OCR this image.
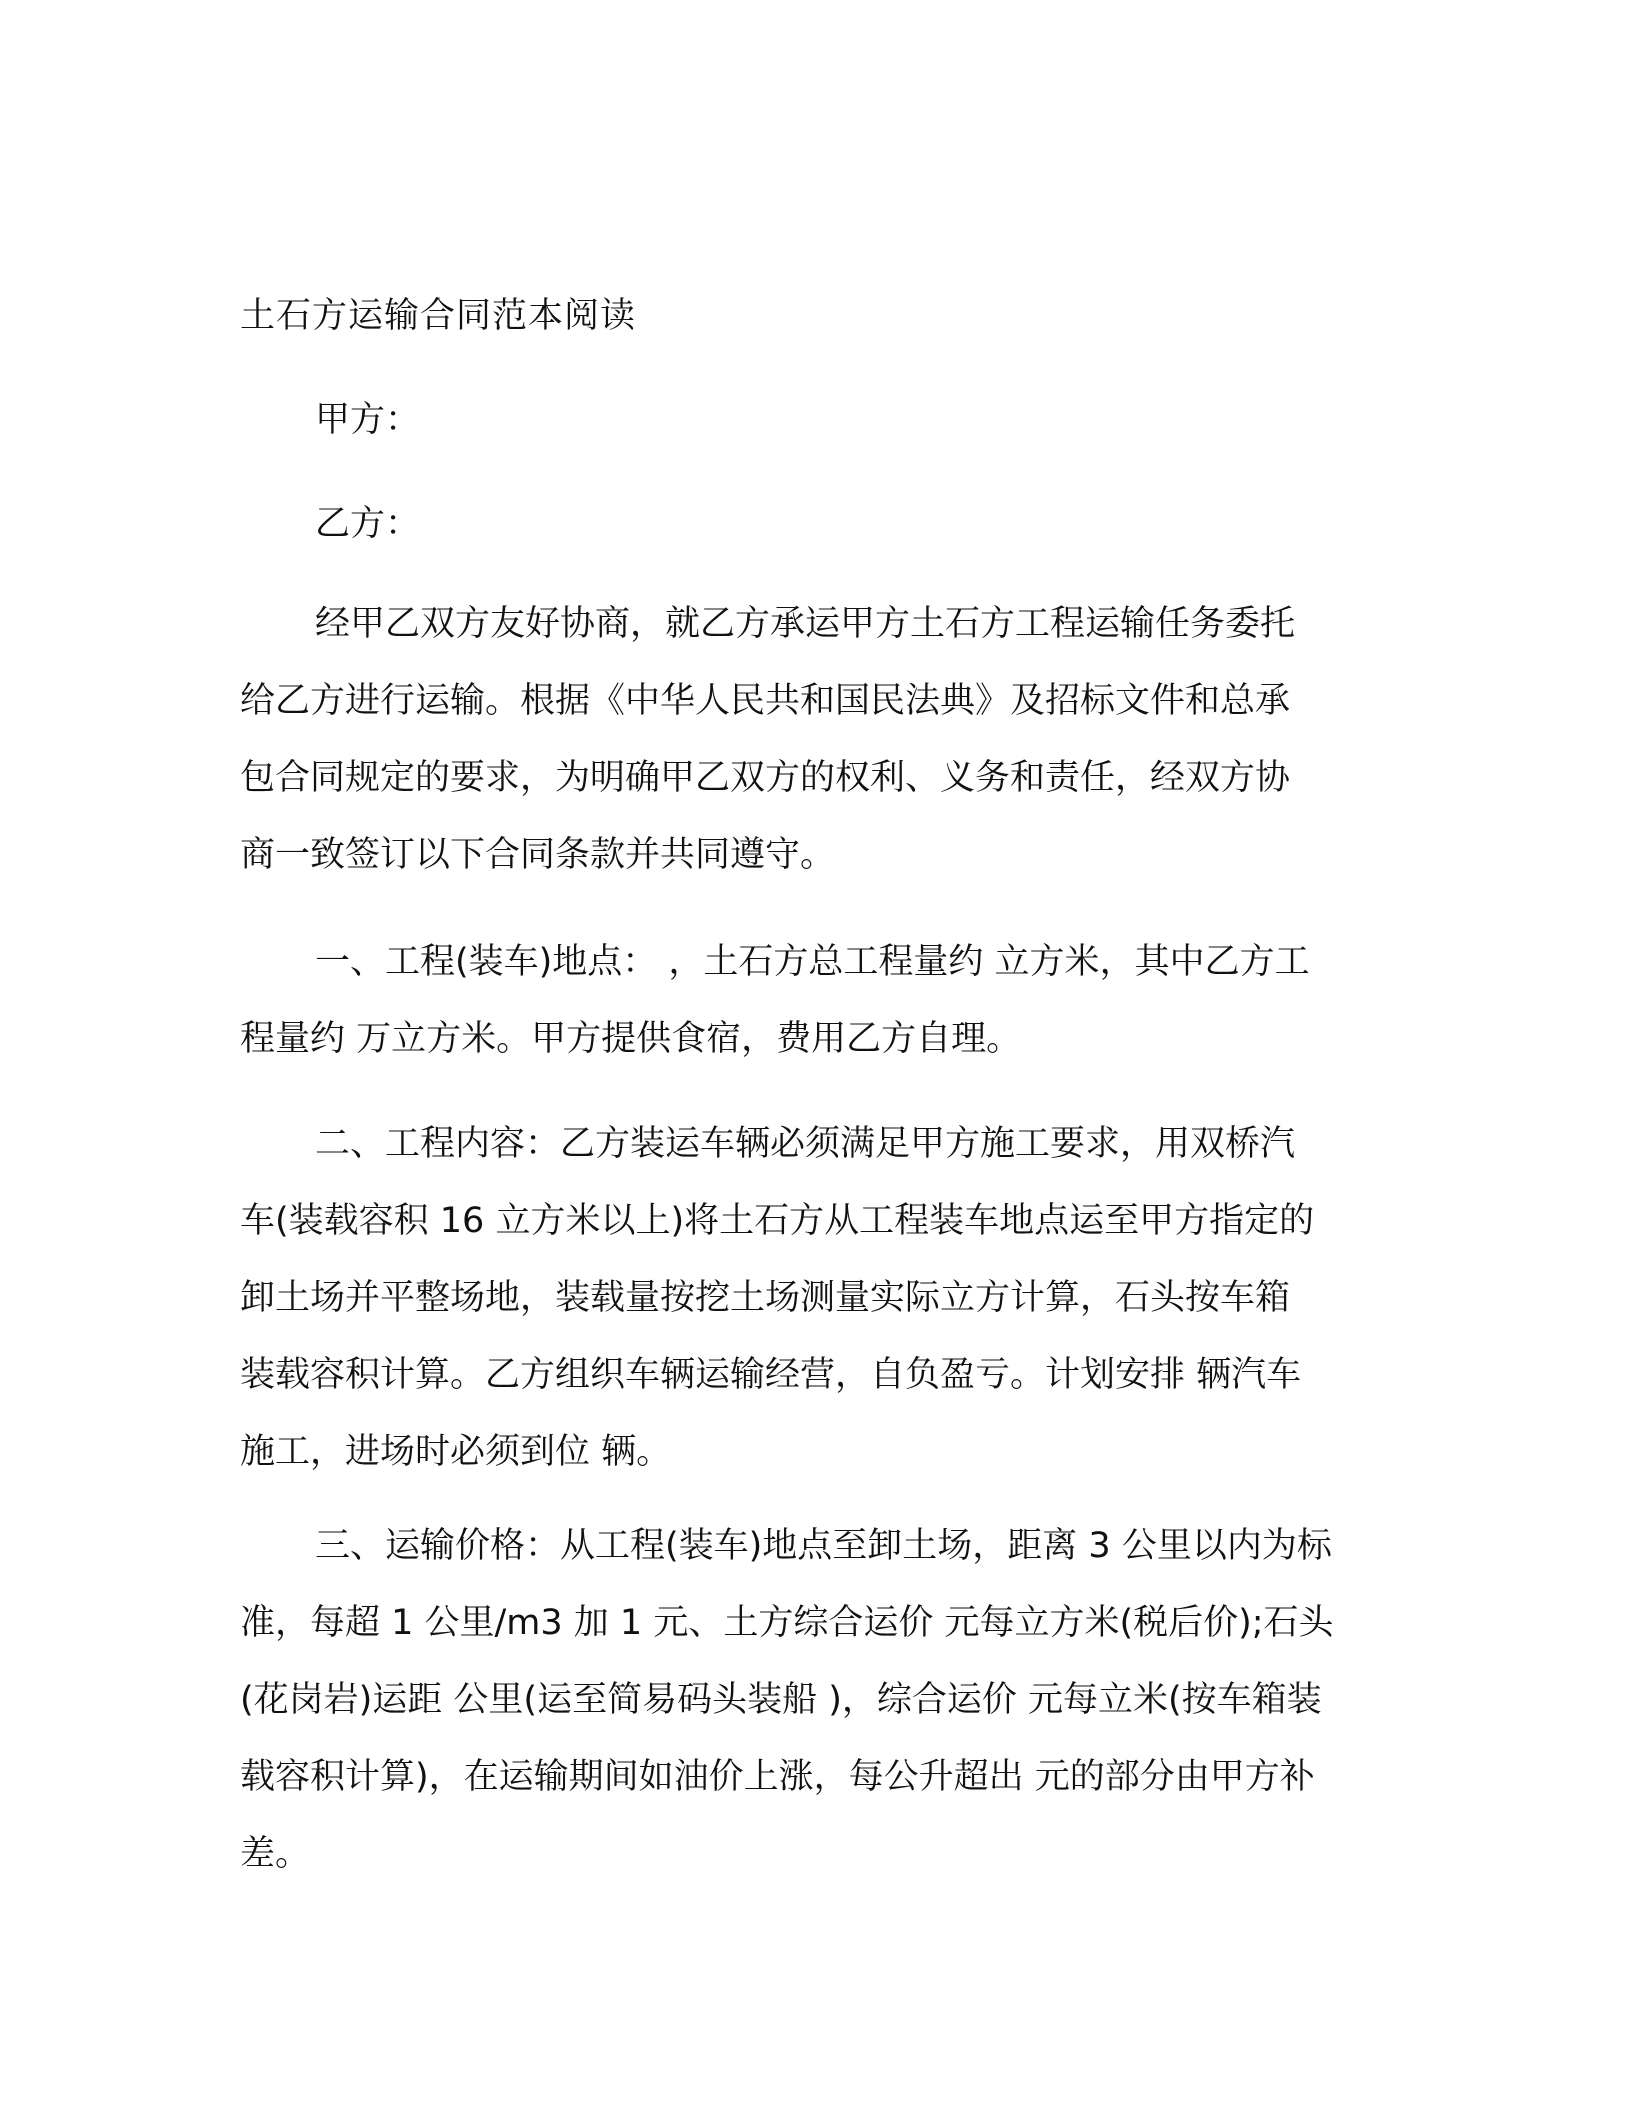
土石方运输合同范本阅读

甲方：

乙方：

经甲乙双方友好协商，就乙方承运甲方土石方工程运输任务委托
给乙方进行运输。根据《中华人民共和国民法典》及招标文件和总承
包合同规定的要求，为明确甲乙双方的权利、义务和责任，经双方协
商一致签订以下合同条款并共同遵守。
一、工程(装车)地点： ，土石方总工程量约 立方米，其中乙方工
程量约 万立方米。甲方提供食宿，费用乙方自理。
二、工程内容：乙方装运车辆必须满足甲方施工要求，用双桥汽
车(装载容积 16 立方米以上)将土石方从工程装车地点运至甲方指定的
卸土场并平整场地，装载量按挖土场测量实际立方计算，石头按车箱
装载容积计算。乙方组织车辆运输经营，自负盈亏。计划安排 辆汽车
施工，进场时必须到位 辆。
三、运输价格：从工程(装车)地点至卸土场，距离 3 公里以内为标
准，每超 1 公里/m3 加 1 元、土方综合运价 元每立方米(税后价);石头
(花岗岩)运距 公里(运至简易码头装船 )，综合运价 元每立米(按车箱装
载容积计算)，在运输期间如油价上涨，每公升超出 元的部分由甲方补
差。
